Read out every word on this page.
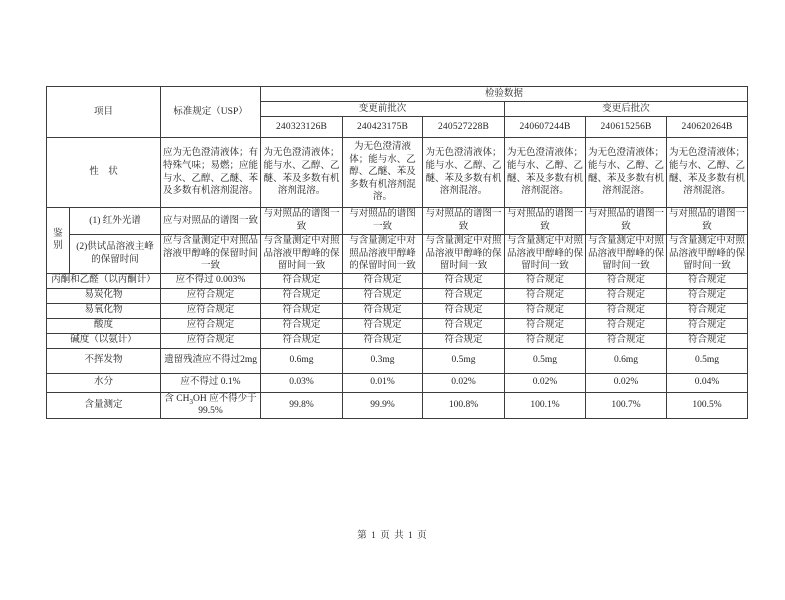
项目		标准规定（USP）	检验数据					
			变更前批次			变更后批次		
			240323126B	240423175B	240527228B	240607244B	240615256B	240620264B
性　状		应为无色澄清液体；有特殊气味；易燃；应能与水、乙醇、乙醚、苯及多数有机溶剂混溶。	为无色澄清液体；能与水、乙醇、乙醚、苯及多数有机溶剂混溶。	为无色澄清液体；能与水、乙醇、乙醚、苯及多数有机溶剂混溶。	为无色澄清液体；能与水、乙醇、乙醚、苯及多数有机溶剂混溶。	为无色澄清液体；能与水、乙醇、乙醚、苯及多数有机溶剂混溶。	为无色澄清液体；能与水、乙醇、乙醚、苯及多数有机溶剂混溶。	为无色澄清液体；能与水、乙醇、乙醚、苯及多数有机溶剂混溶。
鉴别	(1) 红外光谱	应与对照品的谱图一致	与对照品的谱图一致	与对照品的谱图一致	与对照品的谱图一致	与对照品的谱图一致	与对照品的谱图一致	与对照品的谱图一致
	(2)供试品溶液主峰的保留时间	应与含量测定中对照品溶液甲醇峰的保留时间一致	与含量测定中对照品溶液甲醇峰的保留时间一致	与含量测定中对照品溶液甲醇峰的保留时间一致	与含量测定中对照品溶液甲醇峰的保留时间一致	与含量测定中对照品溶液甲醇峰的保留时间一致	与含量测定中对照品溶液甲醇峰的保留时间一致	与含量测定中对照品溶液甲醇峰的保留时间一致
丙酮和乙醛（以丙酮计）		应不得过 0.003%	符合规定	符合规定	符合规定	符合规定	符合规定	符合规定
易炭化物		应符合规定	符合规定	符合规定	符合规定	符合规定	符合规定	符合规定
易氧化物		应符合规定	符合规定	符合规定	符合规定	符合规定	符合规定	符合规定
酸度		应符合规定	符合规定	符合规定	符合规定	符合规定	符合规定	符合规定
碱度（以氨计）		应符合规定	符合规定	符合规定	符合规定	符合规定	符合规定	符合规定
不挥发物		遗留残渣应不得过2mg	0.6mg	0.3mg	0.5mg	0.5mg	0.6mg	0.5mg
水分		应不得过 0.1%	0.03%	0.01%	0.02%	0.02%	0.02%	0.04%
含量测定		含 $CH_3OH$ 应不得少于 99.5%	99.8%	99.9%	100.8%	100.1%	100.7%	100.5%
第 1 页 共 1 页
